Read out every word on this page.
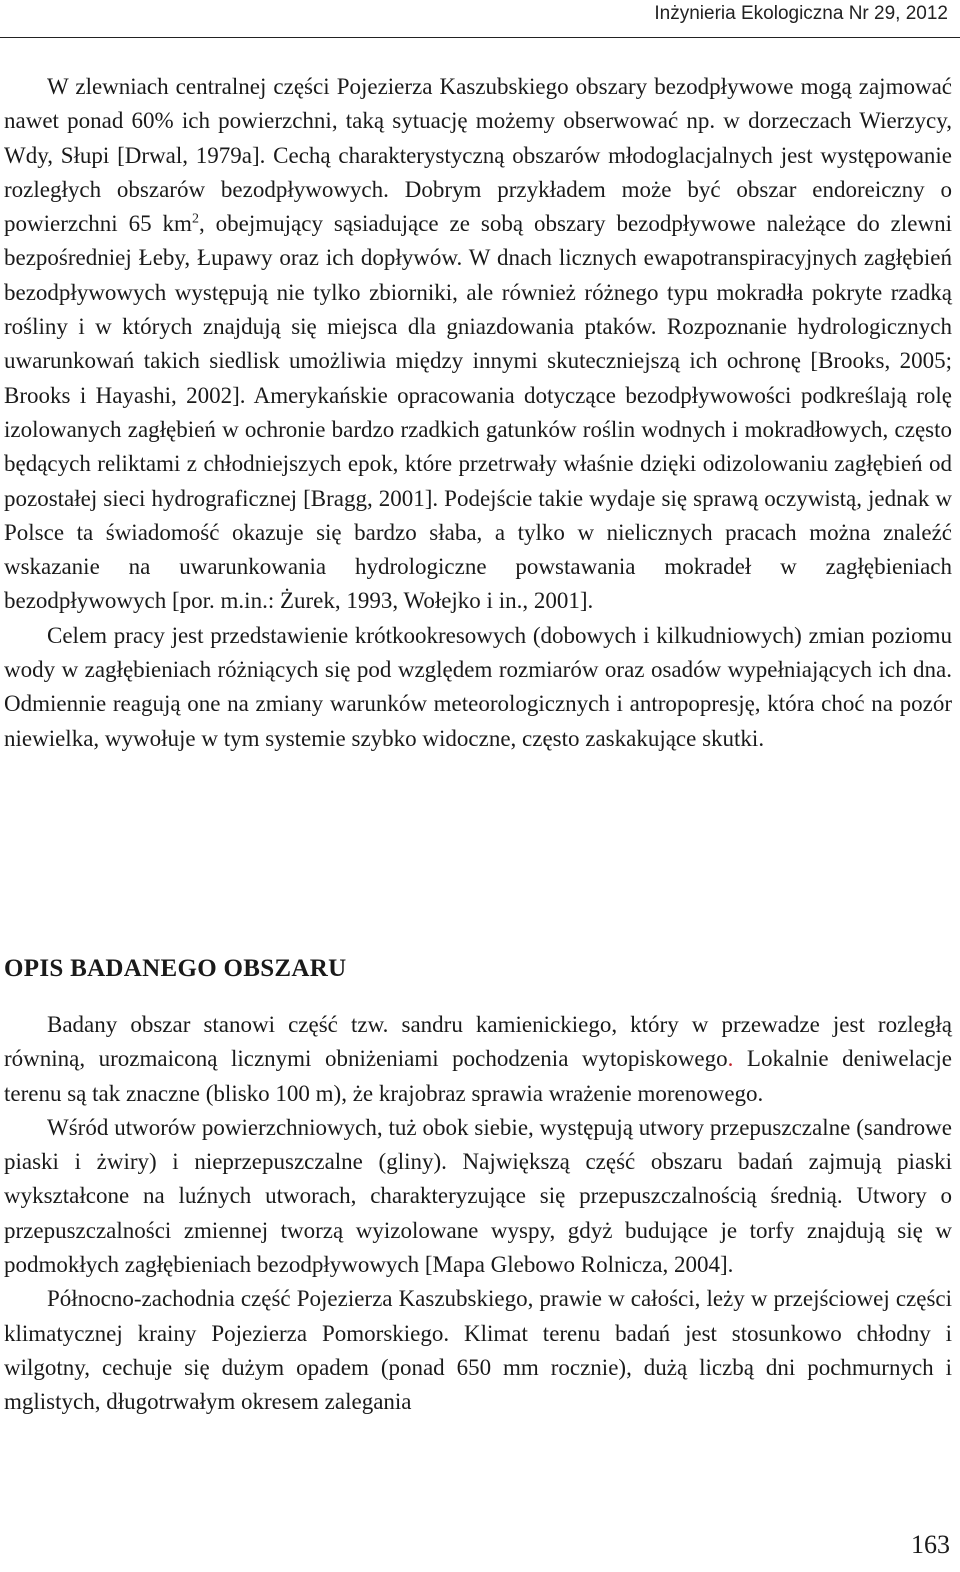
Inżynieria Ekologiczna Nr 29, 2012

W zlewniach centralnej części Pojezierza Kaszubskiego obszary bezodpływowe mogą zajmować nawet ponad 60% ich powierzchni, taką sytuację możemy obserwować np. w dorzeczach Wierzycy, Wdy, Słupi [Drwal, 1979a]. Cechą charakterystyczną obszarów młodoglacjalnych jest występowanie rozległych obszarów bezodpływowych. Dobrym przykładem może być obszar endoreiczny o powierzchni 65 $km^2$, obejmujący sąsiadujące ze sobą obszary bezodpływowe należące do zlewni bezpośredniej Łeby, Łupawy oraz ich dopływów. W dnach licznych ewapotranspiracyjnych zagłębień bezodpływowych występują nie tylko zbiorniki, ale również różnego typu mokradła pokryte rzadką rośliny i w których znajdują się miejsca dla gniazdowania ptaków. Rozpoznanie hydrologicznych uwarunkowań takich siedlisk umożliwia między innymi skuteczniejszą ich ochronę [Brooks, 2005; Brooks i Hayashi, 2002]. Amerykańskie opracowania dotyczące bezodpływowości podkreślają rolę izolowanych zagłębień w ochronie bardzo rzadkich gatunków roślin wodnych i mokradłowych, często będących reliktami z chłodniejszych epok, które przetrwały właśnie dzięki odizolowaniu zagłębień od pozostałej sieci hydrograficznej [Bragg, 2001]. Podejście takie wydaje się sprawą oczywistą, jednak w Polsce ta świadomość okazuje się bardzo słaba, a tylko w nielicznych pracach można znaleźć wskazanie na uwarunkowania hydrologiczne powstawania mokradeł w zagłębieniach bezodpływowych [por. m.in.: Żurek, 1993, Wołejko i in., 2001].

Celem pracy jest przedstawienie krótkookresowych (dobowych i kilkudniowych) zmian poziomu wody w zagłębieniach różniących się pod względem rozmiarów oraz osadów wypełniających ich dna. Odmiennie reagują one na zmiany warunków meteorologicznych i antropopresję, która choć na pozór niewielka, wywołuje w tym systemie szybko widoczne, często zaskakujące skutki.

OPIS BADANEGO OBSZARU

Badany obszar stanowi część tzw. sandru kamienickiego, który w przewadze jest rozległą równiną, urozmaiconą licznymi obniżeniami pochodzenia wytopiskowego. Lokalnie deniwelacje terenu są tak znaczne (blisko 100 m), że krajobraz sprawia wrażenie morenowego.

Wśród utworów powierzchniowych, tuż obok siebie, występują utwory przepuszczalne (sandrowe piaski i żwiry) i nieprzepuszczalne (gliny). Największą część obszaru badań zajmują piaski wykształcone na luźnych utworach, charakteryzujące się przepuszczalnością średnią. Utwory o przepuszczalności zmiennej tworzą wyizolowane wyspy, gdyż budujące je torfy znajdują się w podmokłych zagłębieniach bezodpływowych [Mapa Glebowo Rolnicza, 2004].

Północno-zachodnia część Pojezierza Kaszubskiego, prawie w całości, leży w przejściowej części klimatycznej krainy Pojezierza Pomorskiego. Klimat terenu badań jest stosunkowo chłodny i wilgotny, cechuje się dużym opadem (ponad 650 mm rocznie), dużą liczbą dni pochmurnych i mglistych, długotrwałym okresem zalegania

163
